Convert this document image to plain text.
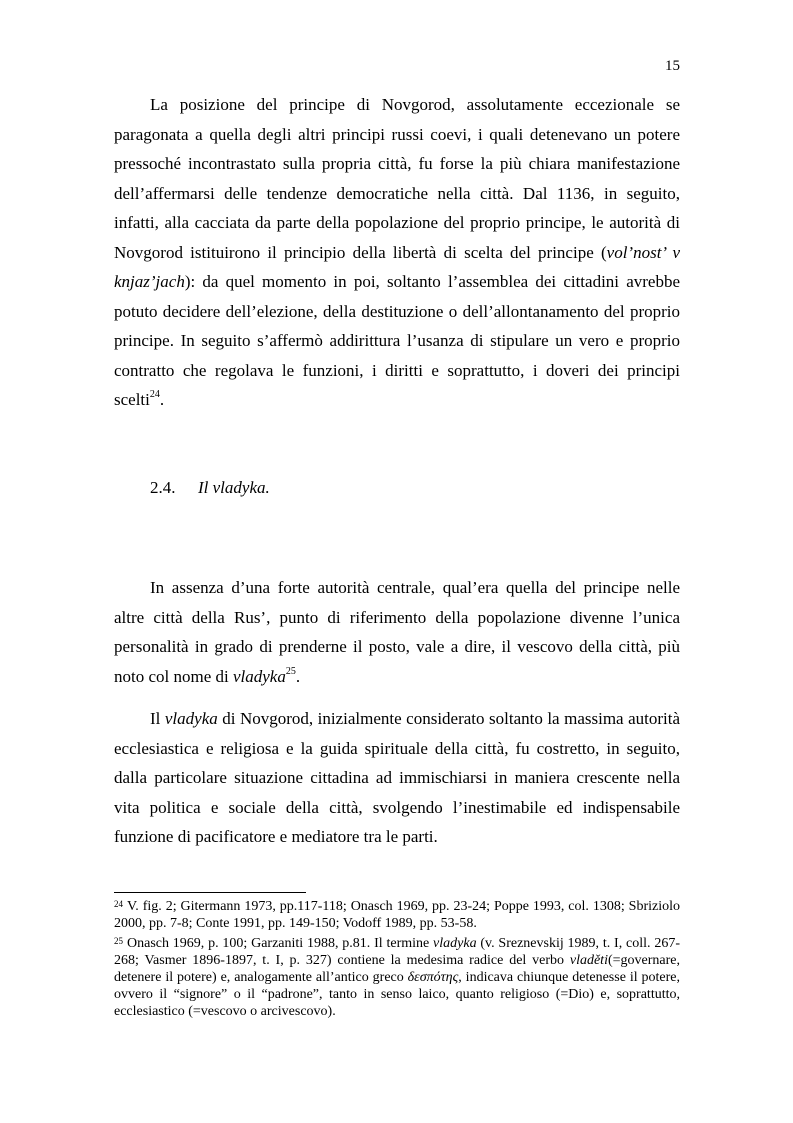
15

La posizione del principe di Novgorod, assolutamente eccezionale se paragonata a quella degli altri principi russi coevi, i quali detenevano un potere pressoché incontrastato sulla propria città, fu forse la più chiara manifestazione dell’affermarsi delle tendenze democratiche nella città. Dal 1136, in seguito, infatti, alla cacciata da parte della popolazione del proprio principe, le autorità di Novgorod istituirono il principio della libertà di scelta del principe (vol’nost’ v knjaz’jach): da quel momento in poi, soltanto l’assemblea dei cittadini avrebbe potuto decidere dell’elezione, della destituzione o dell’allontanamento del proprio principe. In seguito s’affermò addirittura l’usanza di stipulare un vero e proprio contratto che regolava le funzioni, i diritti e soprattutto, i doveri dei principi scelti$^{24}$.

2.4. Il vladyka.

In assenza d’una forte autorità centrale, qual’era quella del principe nelle altre città della Rus’, punto di riferimento della popolazione divenne l’unica personalità in grado di prenderne il posto, vale a dire, il vescovo della città, più noto col nome di vladyka$^{25}$.

Il vladyka di Novgorod, inizialmente considerato soltanto la massima autorità ecclesiastica e religiosa e la guida spirituale della città, fu costretto, in seguito, dalla particolare situazione cittadina ad immischiarsi in maniera crescente nella vita politica e sociale della città, svolgendo l’inestimabile ed indispensabile funzione di pacificatore e mediatore tra le parti.

$^{24}$ V. fig. 2; Gitermann 1973, pp.117-118; Onasch 1969, pp. 23-24; Poppe 1993, col. 1308; Sbriziolo 2000, pp. 7-8; Conte 1991, pp. 149-150; Vodoff 1989, pp. 53-58.

$^{25}$ Onasch 1969, p. 100; Garzaniti 1988, p.81. Il termine vladyka (v. Sreznevskij 1989, t. I, coll. 267-268; Vasmer 1896-1897, t. I, p. 327) contiene la medesima radice del verbo vladěti(=governare, detenere il potere) e, analogamente all’antico greco δεσπότης, indicava chiunque detenesse il potere, ovvero il “signore” o il “padrone”, tanto in senso laico, quanto religioso (=Dio) e, soprattutto, ecclesiastico (=vescovo o arcivescovo).
